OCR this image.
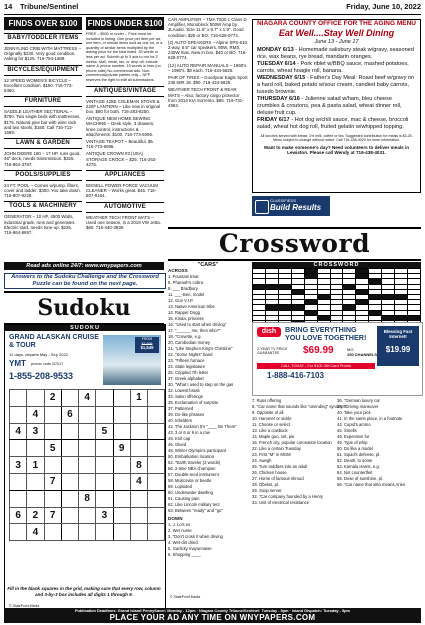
14 Tribune/Sentinel	Friday, June 10, 2022
FINDS OVER $100
BABY/TODDLER ITEMS

JENNYLIND CRIB WITH MATTRESS – Originally $230. Very good condition. Asking for $125. 716-754-1688.

BICYCLES/EQUIPMENT

12 SPEED WOMEN'S BICYCLE – Excellent condition. $150. 716-773-5450.

FURNITURE

SADDLE LEATHER SECTIONAL – $750. Two single beds with mattresses, $175. Natural pine bar with wine rack and two stools, $150. Call 716-713-1689.

LAWN & GARDEN

JOHN DEERE 180 – 17 HP, runs good, 46" deck, needs transmission. $325. 716-864-3797.

POOLS/SUPPLIES

24 FT. POOL – Comes w/pump, filters, cover and ladder. $300. You take down. 716-807-9228.

TOOLS & MACHINERY

GENERATOR – 10 HP, 4500 Watts, industrial grade, runs and generates. Electric start, needs tune-up. $225. 716-864-8697.

FINDS UNDER $100

FREE – $500 or under – Price must be included in listing. One price per item per ad, one item, or similar items sold as one lot, or a quantity of similar items multiplied by the asking price for the total listed. 35 words or less per ad. Submit up to 3 ads to run for 2 weeks. Mail, email, fax, or drop off; include name & phone number. 15 words or less (no phone calls) No commercial ads. Non-commercial/private parties only – NFP reserves the right to edit all submissions.

ANTIQUES/VINTAGE

VINTAGE 425E COLEMAN STOVE & 220F LANTERN – Like new in original box. $80 for both. 716-283-8250.

ANTIQUE NEW HOME SEWING MACHINE – Desk style, 3 drawers, knee control, instructions & attachments. $100. 716-773-6096.

VINTAGE TEAPOT – Beautiful. $5. 716-773-6096.

ANTIQUE CROWN #3 (USA) STORAGE CROCK – $25. 716-262-4276.

APPLIANCES

BISSELL POWER FORCE VACUUM CLEANER – Works great. $45. 716-807-9164.

AUTOMOTIVE

WEATHER TECH FRONT MATS – Used one season, in a 2019 VW Jetta. $60. 716-440-3939.

CAR AMPLIFIER – TMA T500.1 Class D Amplifier, Monoblock 500W Amp by JLAudio. Size 11.6" x 9.7" x 1.9". Good condition. $25 or BO. 716-628-0774.

(2) AUTO SPEAKERS – Alpine SPS-610 2-way, 6.5" car speakers, 80W, RMS, 240W max. New in box. $40 or BO. 716-628-0774.

(12) AUTO REPAIR MANUALS – 1960's – 1990's. $8 each. 716-434-5825.

PAIR OF TIRES – Goodyear Eagle Sport 235 50R 18. $90. 716-434-5825.

WEATHER TECH FRONT & REAR MATS – Also, factory cargo protector from 2014 KIA Sorrento. $85. 716-731-4953.

NIAGARA COUNTY OFFICE FOR THE AGING MENU
Eat Well....Stay Well Dining
June 13 - June 17
MONDAY 6/13 - Homemade salisbury steak w/gravy, seasoned rice, wax beans, rye bread, mandarin oranges.
TUESDAY 6/14 - Pork riblet w/BBQ sauce, mashed potatoes, carrots, wheat hoagie roll, banana.
WEDNESDAY 6/15 - Father's Day Meal: Roast beef w/gravy on a hard roll, baked potato w/sour cream, candied baby carrots, tuxedo brownie.
THURSDAY 6/16 - Julienne salad w/ham, bleu cheese crumbles & croutons, pea & pasta salad, wheat dinner roll, deluxe fruit cup.
FRIDAY 6/17 - Hot dog w/chili sauce, mac & cheese, broccoli salad, wheat hot dog roll, fruited gelatin w/whipped topping.
All lunches served with bread, 1% milk, coffee or tea. Suggested contribution for meals is $3.25. Menu subject to change without notice. Call 716-438-4020 for more information.
Want to make someone's day? Need volunteers to deliver meals in Lewiston. Please call Wendy at 716-438-4031.
CLASSIFIEDS
Build Results
Crossword
"CARS"
ACROSS
1. Fountain treat
5. Pharaoh's cobra
8. ___ Bradbury
11. ___-Ben, model
12. Gun V.I.P.
13. Native American tribe
14. Rapper Dogg
15. Kinda, princess
16. "Used to start when driving"
17. "______ me, then who?"
18. "Corvette, e.g.
20. Cambodian money
21. "Like Stephen King's Christine"
22. "Some Nights" band
23. "Fifteen furnace
24. State legislature
26. Crippled 7th letter
27. Greek alphabet
30. "What I used to step on the gas
32. Lowest brass
33. Salon offerings
35. Exclamation of surprise
37. Patterned
39. Do-like phrases
40. Infielders
42. The Jackson 5's "____ Be There"
43. 3 or 6 or 9 in a row
45. Knit cap
46. Glued
48. Winter Olympics participant
50. Embarkation location
52. "Earth traveler (2 words)
56. 2-time NBA champion
57. Double-reed instrument
58. Muscovite or beetle
59. Lopsided
60. Underwater dwelling
61. Causing pain
62. Like Lincoln military tent
63. Between "ready" and "go"
DOWN
1. J. Lo's ex
2. Wet nurse
3. "Don't cross it when driving
4. Wet-dirt dried
5. Garlicky mayonnaise
6. Shopping ____
CROSSWORD

7. Russ offering
8. "Car name that sounds like "unending" synonym
9. Opposite of all
10. Hammer or sickle
11. Choose or select
13. Like a cowbuck
14. Maple goo, sirt, pie
16. French city, popular coronation location
22. Like a certain Tuesday
23. First "M" in MGM
24. Awegh
25. Turn toddlers into an adult
26. Chicken house
27. Home of famous shroud
28. Obelus, pl.
29. Soup server
32. "Car company founded by a Henry
33. Unit of electrical resistance
36. "German luxury car
38. "Driving maneuver
40. Take your pick
41. In the same place, in a footnote
44. Cupid's ammo
45. Smells
49. Expensive fur
49. Type of whip
50. Do like a model
51. Squid's defense, pl.
52. Death, to some
53. Kamala Harris, e.g.
54. Not countertfeit
55. Dose of sunshine, pl.
56. "Car name that also means Aries
© StatePoint Media
dish	BRING EVERYTHING YOU LOVE TOGETHER!
2-YEAR TV PRICE GUARANTEE	$69.99	MO.
190 CHANNELS
CALL TODAY - For $100 Gift Card Promo
1-888-416-7103
Blessing Fast Internet!
$19.99
Read ads online 24/7: www.wnypapers.com
Answers to the Sudoku Challenge and the Crossword Puzzle can be found on the next page.
Sudoku
SUDOKU
GRAND ALASKAN CRUISE & TOUR
12 days, departs May - Sep 2022
YMT promo code N7017
1-855-208-9533
FROM
$1,699
$1,649
		2		4			1	
	4		6					
4	3				5			
		5				9		
3	1						8	
		7					4	
				8				
6	2	7			3			
	4							
© StatePoint Media
Fill in the blank squares in the grid, making sure that every row, column and 3-by-3 box includes all digits 1 through 9.
Publication Deadlines: Grand Island PennySaver: Monday - 12pm · Niagara County Tribune/Sentinel: Tuesday - 5pm · Island Dispatch: Tuesday - 5pm
PLACE YOUR AD ANY TIME ON WNYPAPERS.COM
